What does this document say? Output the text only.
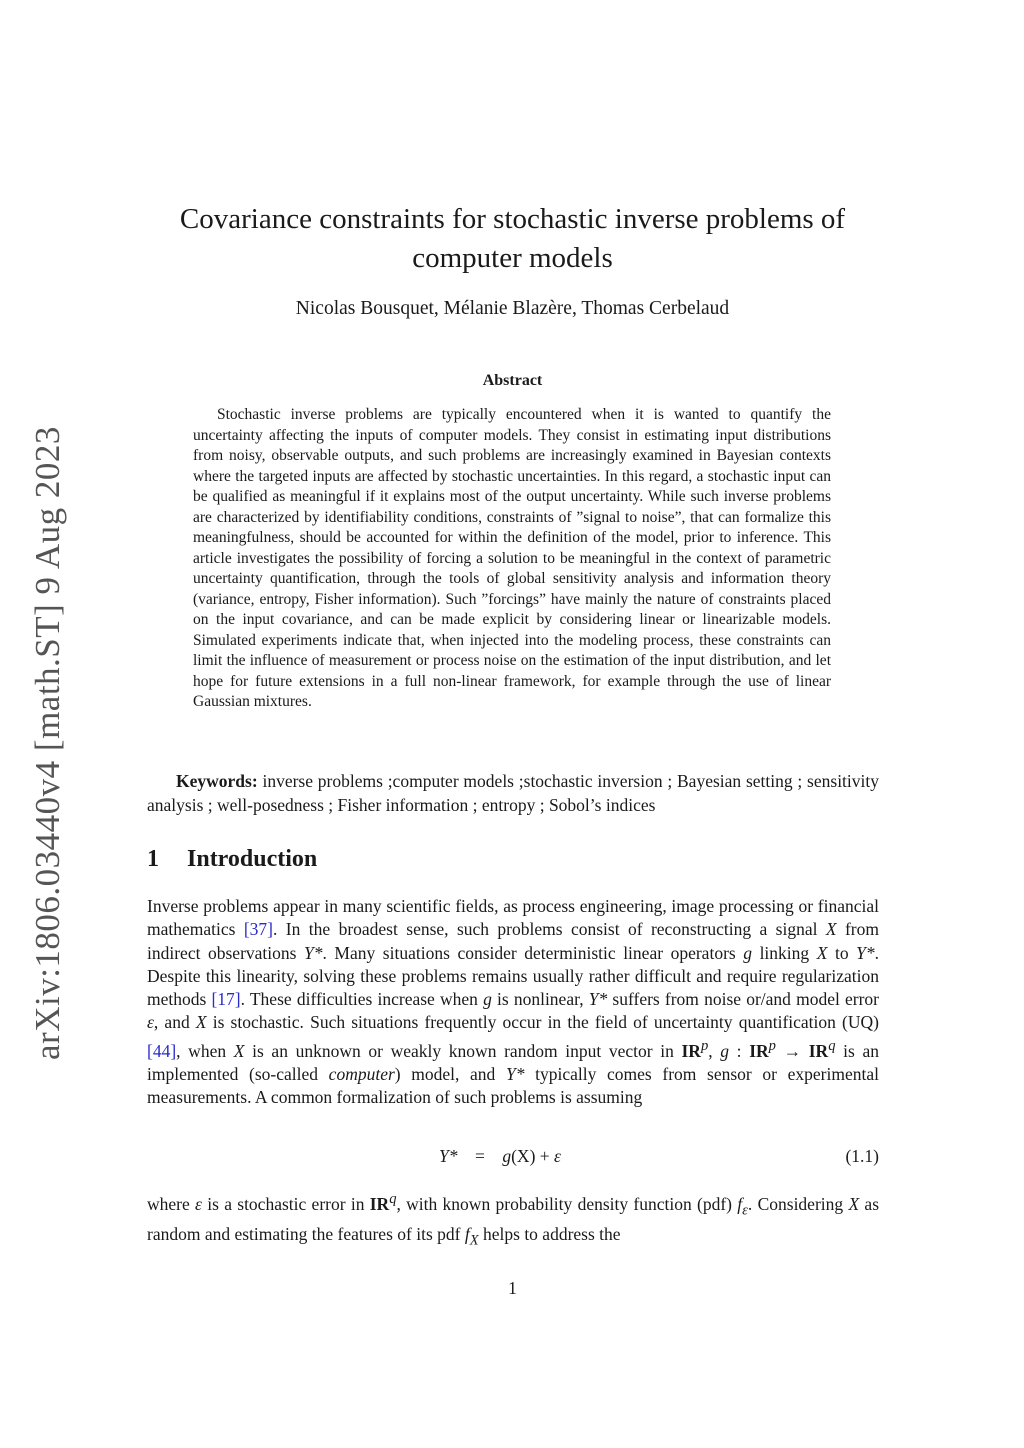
arXiv:1806.03440v4 [math.ST] 9 Aug 2023
Covariance constraints for stochastic inverse problems of computer models
Nicolas Bousquet, Mélanie Blazère, Thomas Cerbelaud
Abstract
Stochastic inverse problems are typically encountered when it is wanted to quantify the uncertainty affecting the inputs of computer models. They consist in estimating input distributions from noisy, observable outputs, and such problems are increasingly examined in Bayesian contexts where the targeted inputs are affected by stochastic uncertainties. In this regard, a stochastic input can be qualified as meaningful if it explains most of the output uncertainty. While such inverse problems are characterized by identifiability conditions, constraints of ”signal to noise”, that can formalize this meaningfulness, should be accounted for within the definition of the model, prior to inference. This article investigates the possibility of forcing a solution to be meaningful in the context of parametric uncertainty quantification, through the tools of global sensitivity analysis and information theory (variance, entropy, Fisher information). Such ”forcings” have mainly the nature of constraints placed on the input covariance, and can be made explicit by considering linear or linearizable models. Simulated experiments indicate that, when injected into the modeling process, these constraints can limit the influence of measurement or process noise on the estimation of the input distribution, and let hope for future extensions in a full non-linear framework, for example through the use of linear Gaussian mixtures.
Keywords: inverse problems ;computer models ;stochastic inversion ; Bayesian setting ; sensitivity analysis ; well-posedness ; Fisher information ; entropy ; Sobol’s indices
1 Introduction
Inverse problems appear in many scientific fields, as process engineering, image processing or financial mathematics [37]. In the broadest sense, such problems consist of reconstructing a signal X from indirect observations Y*. Many situations consider deterministic linear operators g linking X to Y*. Despite this linearity, solving these problems remains usually rather difficult and require regularization methods [17]. These difficulties increase when g is nonlinear, Y* suffers from noise or/and model error ε, and X is stochastic. Such situations frequently occur in the field of uncertainty quantification (UQ) [44], when X is an unknown or weakly known random input vector in $IR^p$, g : $IR^p \to IR^q$ is an implemented (so-called computer) model, and Y* typically comes from sensor or experimental measurements. A common formalization of such problems is assuming
Y* = g(X) + ε	(1.1)
where ε is a stochastic error in $IR^q$, with known probability density function (pdf) $f_\varepsilon$. Considering X as random and estimating the features of its pdf $f_X$ helps to address the
1
